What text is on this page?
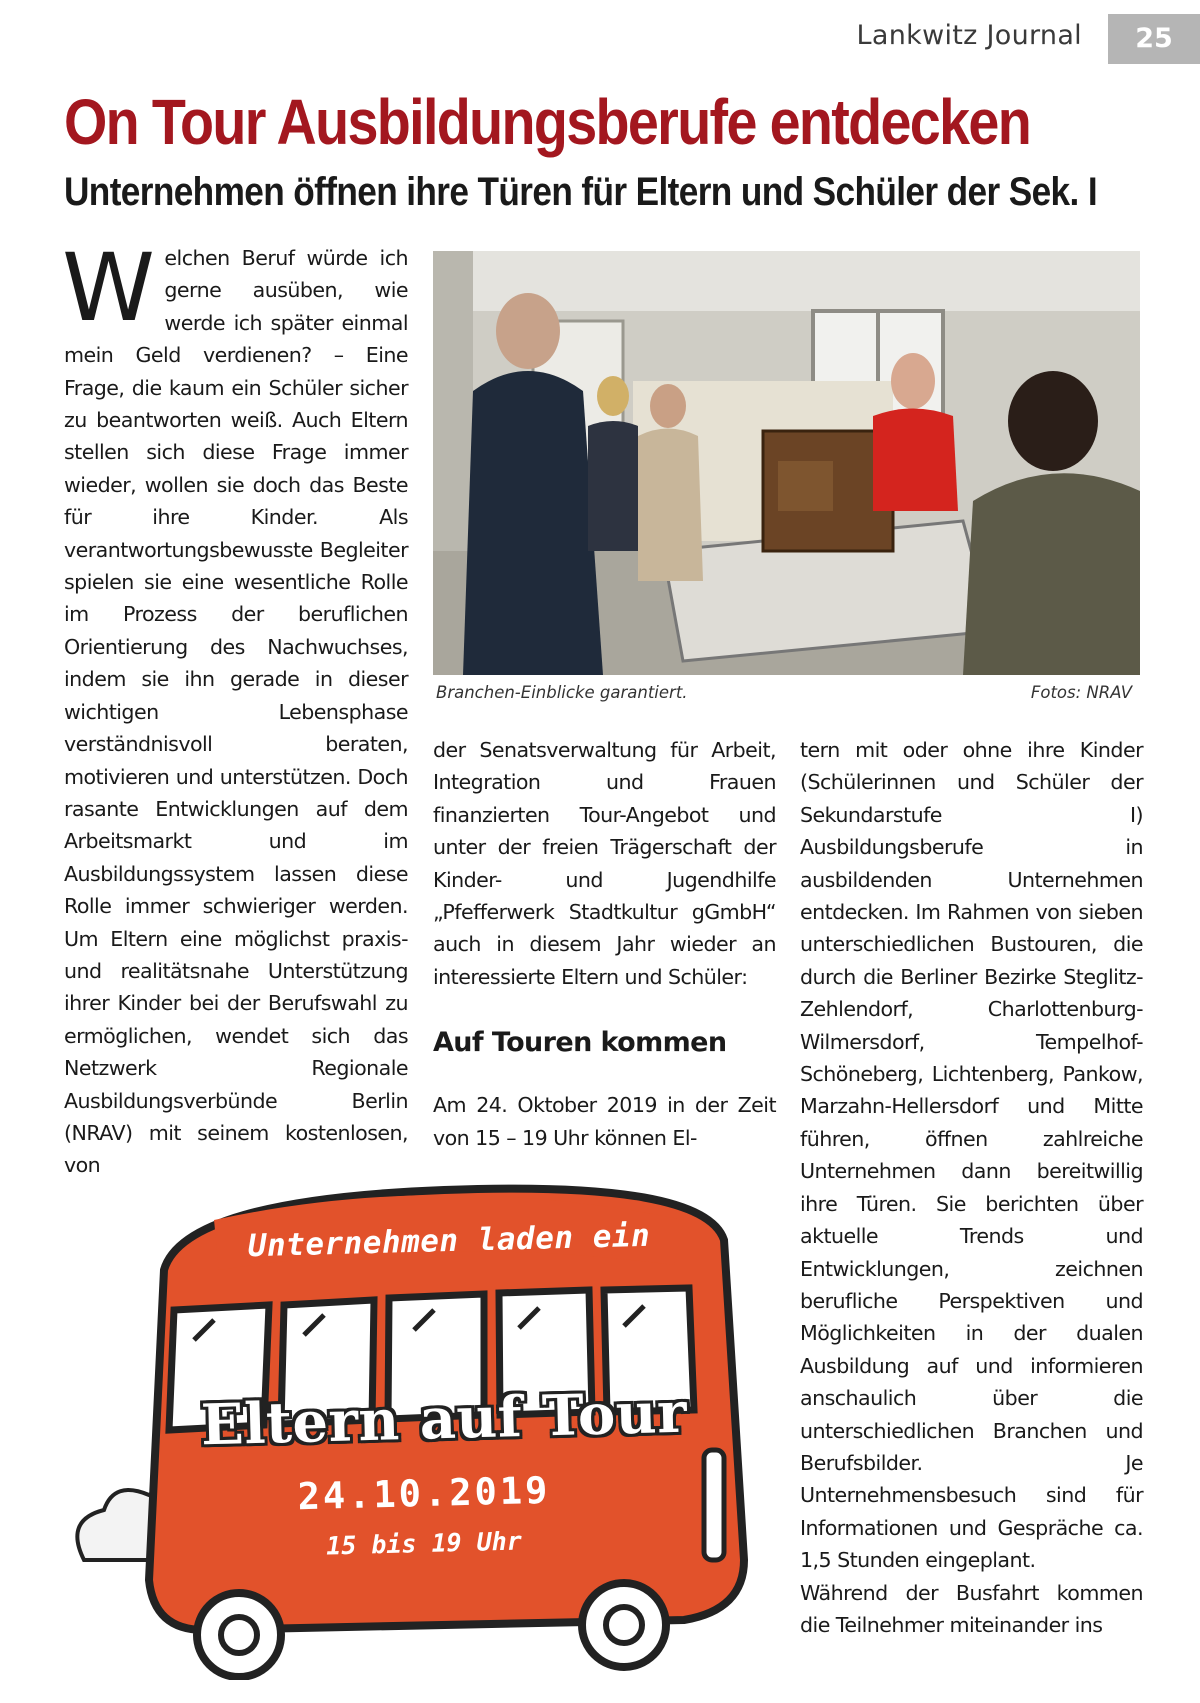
Lankwitz Journal	25
On Tour Ausbildungsberufe entdecken
Unternehmen öffnen ihre Türen für Eltern und Schüler der Sek. I
W elchen Beruf würde ich gerne ausüben, wie werde ich später einmal mein Geld verdienen? – Eine Frage, die kaum ein Schüler sicher zu beantworten weiß. Auch Eltern stellen sich diese Frage immer wieder, wollen sie doch das Beste für ihre Kinder. Als verantwortungsbewusste Begleiter spielen sie eine wesentliche Rolle im Prozess der beruflichen Orientierung des Nachwuchses, indem sie ihn gerade in dieser wichtigen Lebensphase verständnisvoll beraten, motivieren und unterstützen. Doch rasante Entwicklungen auf dem Arbeitsmarkt und im Ausbildungssystem lassen diese Rolle immer schwieriger werden. Um Eltern eine möglichst praxis- und realitätsnahe Unterstützung ihrer Kinder bei der Berufswahl zu ermöglichen, wendet sich das Netzwerk Regionale Ausbildungsverbünde Berlin (NRAV) mit seinem kostenlosen, von

Branchen-Einblicke garantiert.	Fotos: NRAV

der Senatsverwaltung für Arbeit, Integration und Frauen finanzierten Tour-Angebot und unter der freien Trägerschaft der Kinder- und Jugendhilfe „Pfefferwerk Stadtkultur gGmbH“ auch in diesem Jahr wieder an interessierte Eltern und Schüler:

Auf Touren kommen

Am 24. Oktober 2019 in der Zeit von 15 – 19 Uhr können El-

tern mit oder ohne ihre Kinder (Schülerinnen und Schüler der Sekundarstufe I) Ausbildungsberufe in ausbildenden Unternehmen entdecken. Im Rahmen von sieben unterschiedlichen Bustouren, die durch die Berliner Bezirke Steglitz-Zehlendorf, Charlottenburg-Wilmersdorf, Tempelhof-Schöneberg, Lichtenberg, Pankow, Marzahn-Hellersdorf und Mitte führen, öffnen zahlreiche Unternehmen dann bereitwillig ihre Türen. Sie berichten über aktuelle Trends und Entwicklungen, zeichnen berufliche Perspektiven und Möglichkeiten in der dualen Ausbildung auf und informieren anschaulich über die unterschiedlichen Branchen und Berufsbilder. Je Unternehmensbesuch sind für Informationen und Gespräche ca. 1,5 Stunden eingeplant.

Während der Busfahrt kommen die Teilnehmer miteinander ins

Unternehmen laden ein
Eltern auf Tour
24.10.2019
15 bis 19 Uhr
